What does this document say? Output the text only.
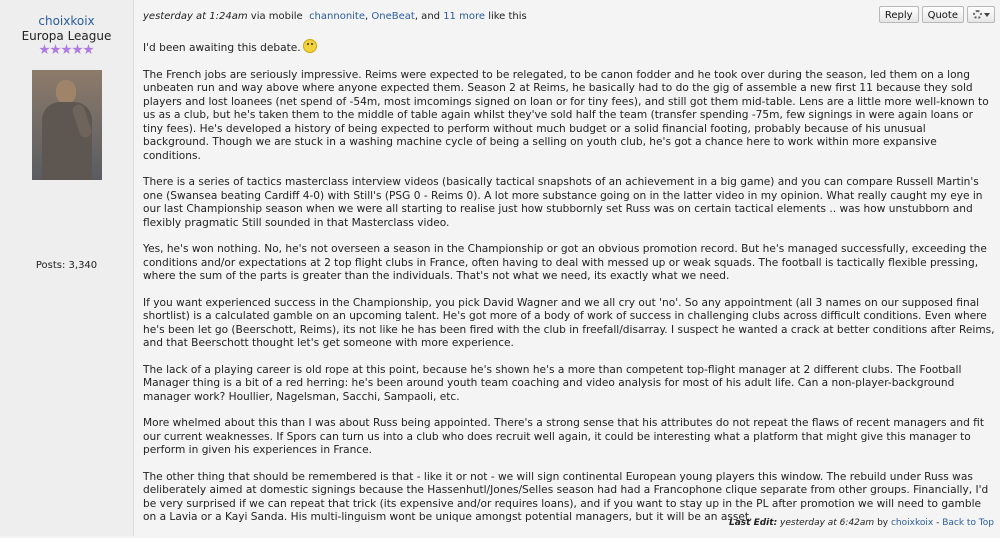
choixkoix
Europa League
Posts: 3,340
yesterday at 1:24am via mobile channonite, OneBeat, and 11 more like this	Reply	Quote

I'd been awaiting this debate.

The French jobs are seriously impressive. Reims were expected to be relegated, to be canon fodder and he took over during the season, led them on a long unbeaten run and way above where anyone expected them. Season 2 at Reims, he basically had to do the gig of assemble a new first 11 because they sold players and lost loanees (net spend of -54m, most imcomings signed on loan or for tiny fees), and still got them mid-table. Lens are a little more well-known to us as a club, but he's taken them to the middle of table again whilst they've sold half the team (transfer spending -75m, few signings in were again loans or tiny fees). He's developed a history of being expected to perform without much budget or a solid financial footing, probably because of his unusual background. Though we are stuck in a washing machine cycle of being a selling on youth club, he's got a chance here to work within more expansive conditions.

There is a series of tactics masterclass interview videos (basically tactical snapshots of an achievement in a big game) and you can compare Russell Martin's one (Swansea beating Cardiff 4-0) with Still's (PSG 0 - Reims 0). A lot more substance going on in the latter video in my opinion. What really caught my eye in our last Championship season when we were all starting to realise just how stubbornly set Russ was on certain tactical elements .. was how unstubborn and flexibly pragmatic Still sounded in that Masterclass video.

Yes, he's won nothing. No, he's not overseen a season in the Championship or got an obvious promotion record. But he's managed successfully, exceeding the conditions and/or expectations at 2 top flight clubs in France, often having to deal with messed up or weak squads. The football is tactically flexible pressing, where the sum of the parts is greater than the individuals. That's not what we need, its exactly what we need.

If you want experienced success in the Championship, you pick David Wagner and we all cry out 'no'. So any appointment (all 3 names on our supposed final shortlist) is a calculated gamble on an upcoming talent. He's got more of a body of work of success in challenging clubs across difficult conditions. Even where he's been let go (Beerschott, Reims), its not like he has been fired with the club in freefall/disarray. I suspect he wanted a crack at better conditions after Reims, and that Beerschott thought let's get someone with more experience.

The lack of a playing career is old rope at this point, because he's shown he's a more than competent top-flight manager at 2 different clubs. The Football Manager thing is a bit of a red herring: he's been around youth team coaching and video analysis for most of his adult life. Can a non-player-background manager work? Houllier, Nagelsman, Sacchi, Sampaoli, etc.

More whelmed about this than I was about Russ being appointed. There's a strong sense that his attributes do not repeat the flaws of recent managers and fit our current weaknesses. If Spors can turn us into a club who does recruit well again, it could be interesting what a platform that might give this manager to perform in given his experiences in France.

The other thing that should be remembered is that - like it or not - we will sign continental European young players this window. The rebuild under Russ was deliberately aimed at domestic signings because the Hassenhutl/Jones/Selles season had had a Francophone clique separate from other groups. Financially, I'd be very surprised if we can repeat that trick (its expensive and/or requires loans), and if you want to stay up in the PL after promotion we will need to gamble on a Lavia or a Kayi Sanda. His multi-linguism wont be unique amongst potential managers, but it will be an asset.

Last Edit: yesterday at 6:42am by choixkoix - Back to Top
